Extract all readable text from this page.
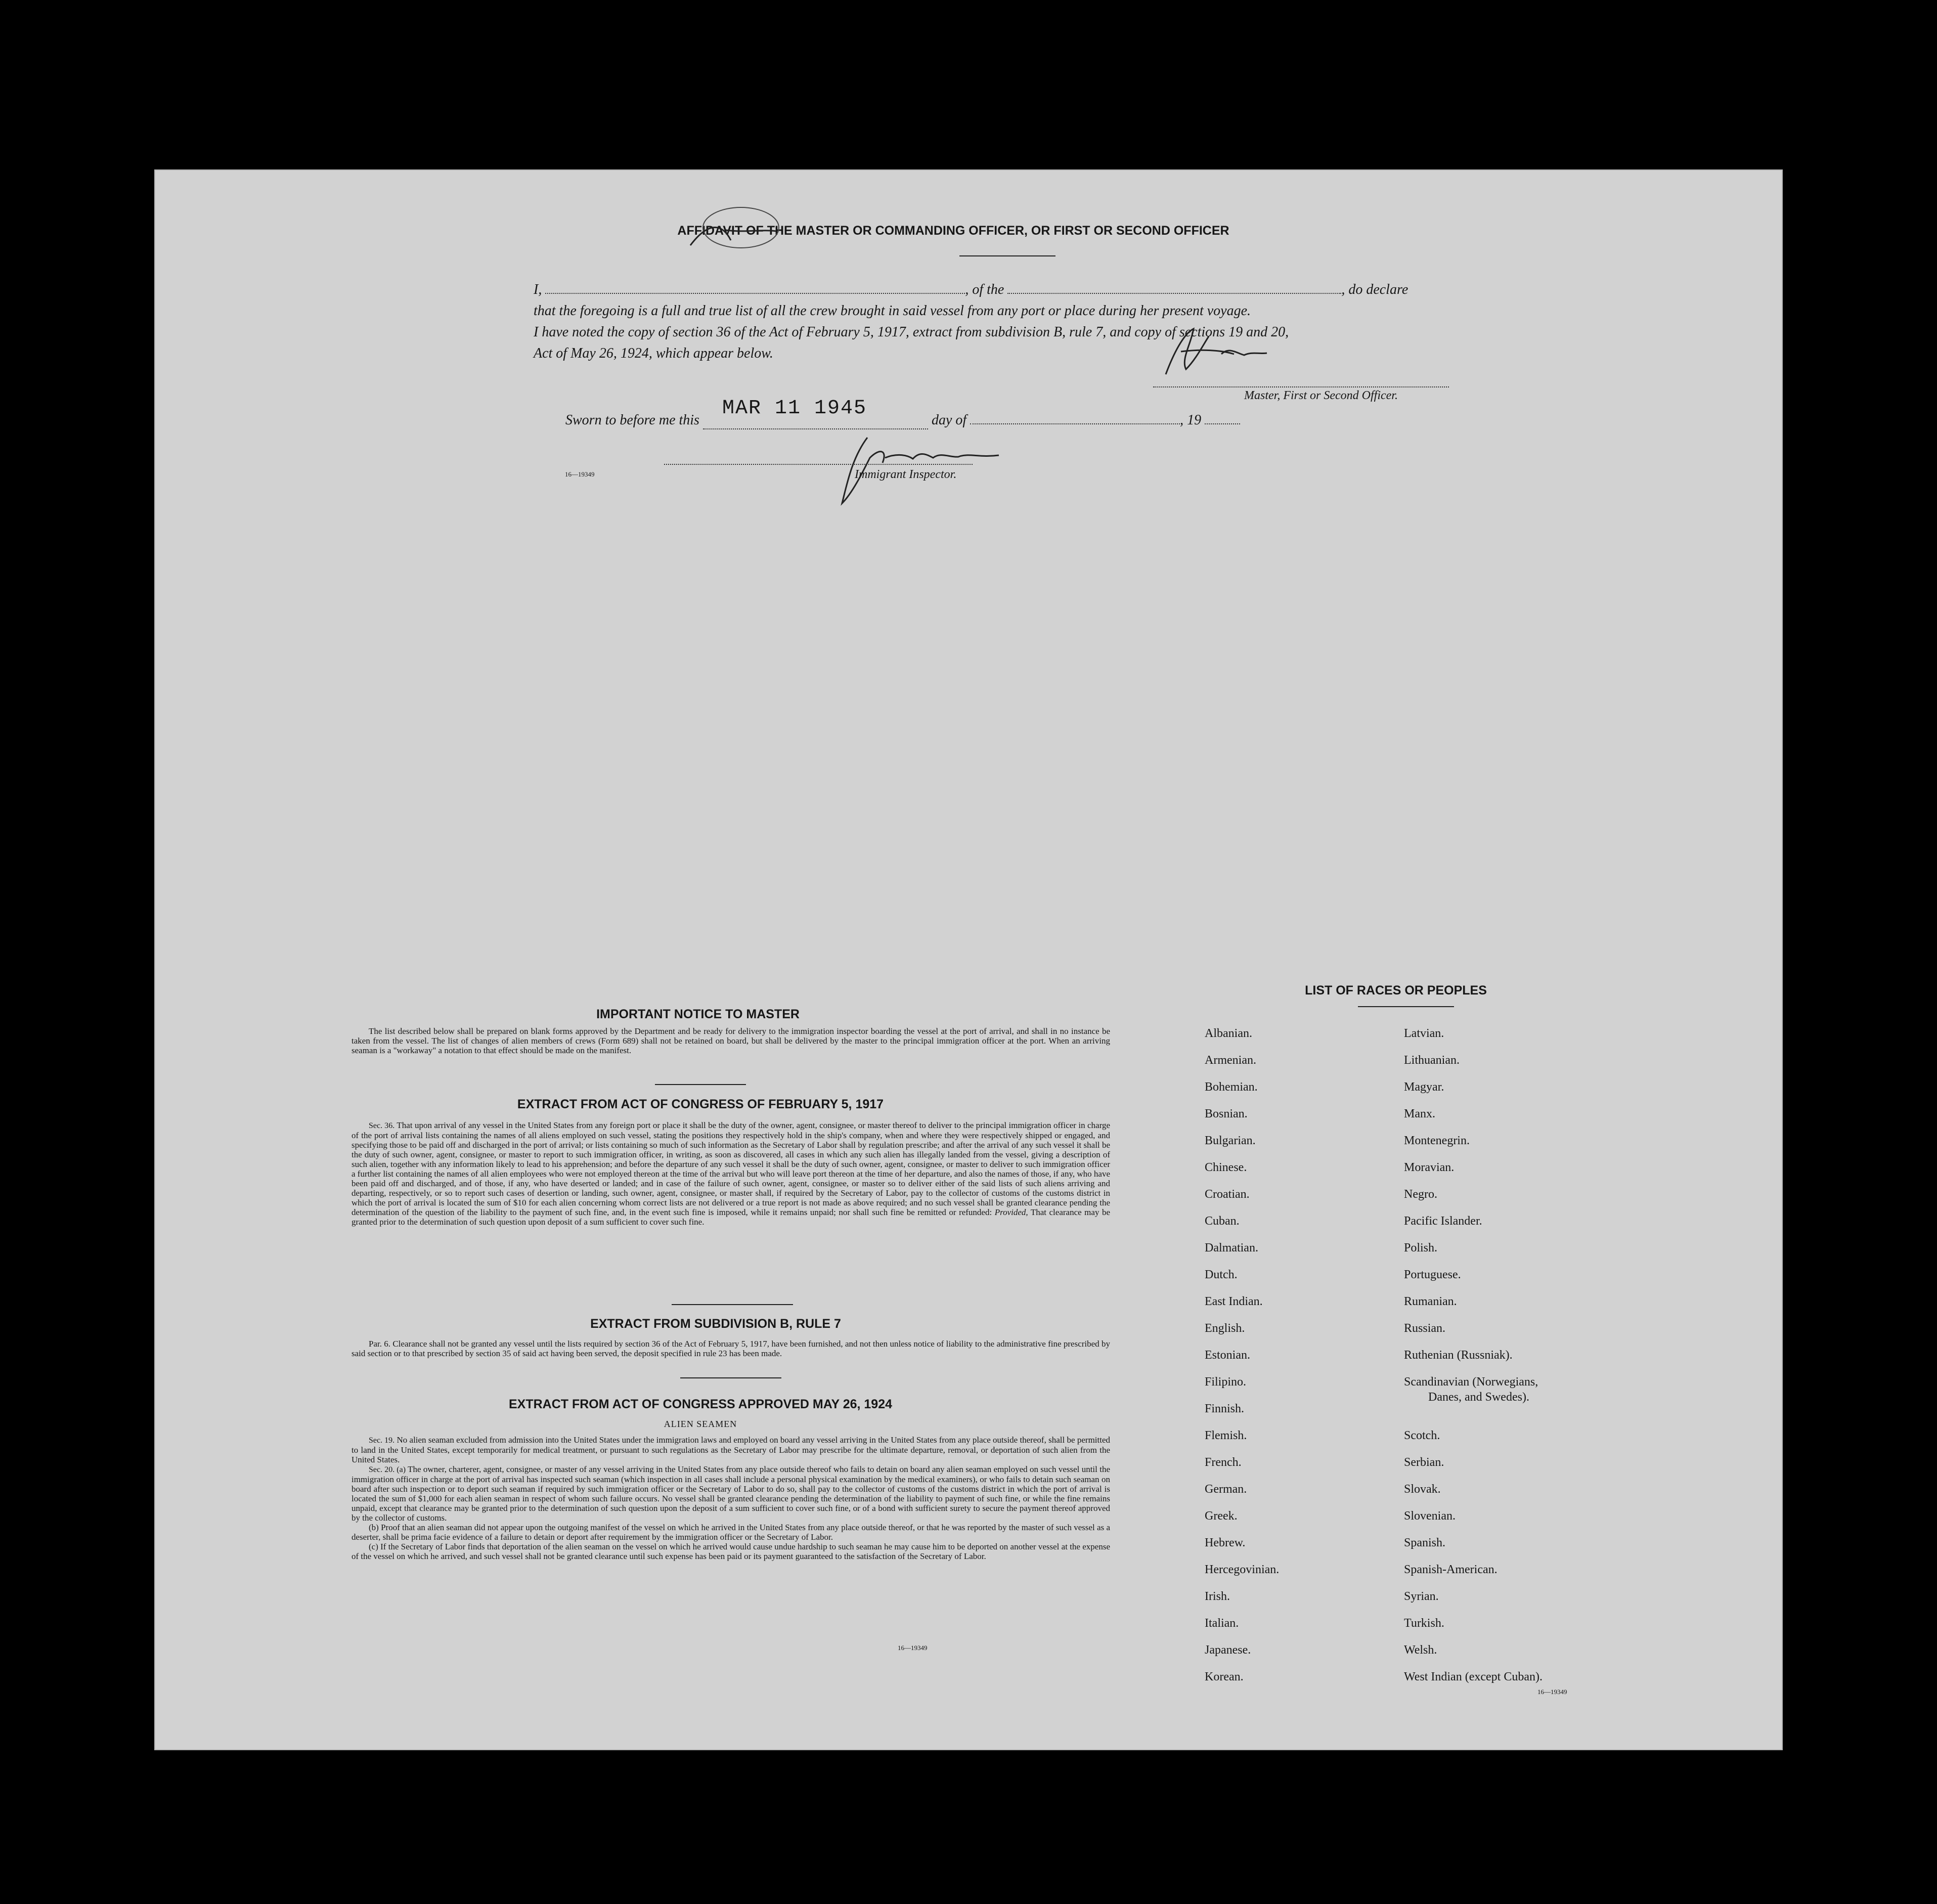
AFFIDAVIT OF THE MASTER OR COMMANDING OFFICER, OR FIRST OR SECOND OFFICER
I,	, of the	, do declare
that the foregoing is a full and true list of all the crew brought in said vessel from any port or place during her present voyage.
I have noted the copy of section 36 of the Act of February 5, 1917, extract from subdivision B, rule 7, and copy of sections 19 and 20,
Act of May 26, 1924, which appear below.
Master, First or Second Officer.
Sworn to before me this
MAR 11 1945
day of	, 19
16—19349	Immigrant Inspector.
IMPORTANT NOTICE TO MASTER

The list described below shall be prepared on blank forms approved by the Department and be ready for delivery to the immigration inspector boarding the vessel at the port of arrival, and shall in no instance be taken from the vessel. The list of changes of alien members of crews (Form 689) shall not be retained on board, but shall be delivered by the master to the principal immigration officer at the port. When an arriving seaman is a "workaway" a notation to that effect should be made on the manifest.

EXTRACT FROM ACT OF CONGRESS OF FEBRUARY 5, 1917

Sec. 36. That upon arrival of any vessel in the United States from any foreign port or place it shall be the duty of the owner, agent, consignee, or master thereof to deliver to the principal immigration officer in charge of the port of arrival lists containing the names of all aliens employed on such vessel, stating the positions they respectively hold in the ship's company, when and where they were respectively shipped or engaged, and specifying those to be paid off and discharged in the port of arrival; or lists containing so much of such information as the Secretary of Labor shall by regulation prescribe; and after the arrival of any such vessel it shall be the duty of such owner, agent, consignee, or master to report to such immigration officer, in writing, as soon as discovered, all cases in which any such alien has illegally landed from the vessel, giving a description of such alien, together with any information likely to lead to his apprehension; and before the departure of any such vessel it shall be the duty of such owner, agent, consignee, or master to deliver to such immigration officer a further list containing the names of all alien employees who were not employed thereon at the time of the arrival but who will leave port thereon at the time of her departure, and also the names of those, if any, who have been paid off and discharged, and of those, if any, who have deserted or landed; and in case of the failure of such owner, agent, consignee, or master so to deliver either of the said lists of such aliens arriving and departing, respectively, or so to report such cases of desertion or landing, such owner, agent, consignee, or master shall, if required by the Secretary of Labor, pay to the collector of customs of the customs district in which the port of arrival is located the sum of $10 for each alien concerning whom correct lists are not delivered or a true report is not made as above required; and no such vessel shall be granted clearance pending the determination of the question of the liability to the payment of such fine, and, in the event such fine is imposed, while it remains unpaid; nor shall such fine be remitted or refunded: Provided, That clearance may be granted prior to the determination of such question upon deposit of a sum sufficient to cover such fine.

EXTRACT FROM SUBDIVISION B, RULE 7

Par. 6. Clearance shall not be granted any vessel until the lists required by section 36 of the Act of February 5, 1917, have been furnished, and not then unless notice of liability to the administrative fine prescribed by said section or to that prescribed by section 35 of said act having been served, the deposit specified in rule 23 has been made.

EXTRACT FROM ACT OF CONGRESS APPROVED MAY 26, 1924
ALIEN SEAMEN

Sec. 19. No alien seaman excluded from admission into the United States under the immigration laws and employed on board any vessel arriving in the United States from any place outside thereof, shall be permitted to land in the United States, except temporarily for medical treatment, or pursuant to such regulations as the Secretary of Labor may prescribe for the ultimate departure, removal, or deportation of such alien from the United States.

Sec. 20. (a) The owner, charterer, agent, consignee, or master of any vessel arriving in the United States from any place outside thereof who fails to detain on board any alien seaman employed on such vessel until the immigration officer in charge at the port of arrival has inspected such seaman (which inspection in all cases shall include a personal physical examination by the medical examiners), or who fails to detain such seaman on board after such inspection or to deport such seaman if required by such immigration officer or the Secretary of Labor to do so, shall pay to the collector of customs of the customs district in which the port of arrival is located the sum of $1,000 for each alien seaman in respect of whom such failure occurs. No vessel shall be granted clearance pending the determination of the liability to payment of such fine, or while the fine remains unpaid, except that clearance may be granted prior to the determination of such question upon the deposit of a sum sufficient to cover such fine, or of a bond with sufficient surety to secure the payment thereof approved by the collector of customs.

(b) Proof that an alien seaman did not appear upon the outgoing manifest of the vessel on which he arrived in the United States from any place outside thereof, or that he was reported by the master of such vessel as a deserter, shall be prima facie evidence of a failure to detain or deport after requirement by the immigration officer or the Secretary of Labor.

(c) If the Secretary of Labor finds that deportation of the alien seaman on the vessel on which he arrived would cause undue hardship to such seaman he may cause him to be deported on another vessel at the expense of the vessel on which he arrived, and such vessel shall not be granted clearance until such expense has been paid or its payment guaranteed to the satisfaction of the Secretary of Labor.

16—19349
LIST OF RACES OR PEOPLES
Albanian.
Armenian.
Bohemian.
Bosnian.
Bulgarian.
Chinese.
Croatian.
Cuban.
Dalmatian.
Dutch.
East Indian.
English.
Estonian.
Filipino.
Finnish.
Flemish.
French.
German.
Greek.
Hebrew.
Hercegovinian.
Irish.
Italian.
Japanese.
Korean.
Latvian.
Lithuanian.
Magyar.
Manx.
Montenegrin.
Moravian.
Negro.
Pacific Islander.
Polish.
Portuguese.
Rumanian.
Russian.
Ruthenian (Russniak).
Scandinavian (Norwegians,
Danes, and Swedes).
Scotch.
Serbian.
Slovak.
Slovenian.
Spanish.
Spanish-American.
Syrian.
Turkish.
Welsh.
West Indian (except Cuban).
16—19349
